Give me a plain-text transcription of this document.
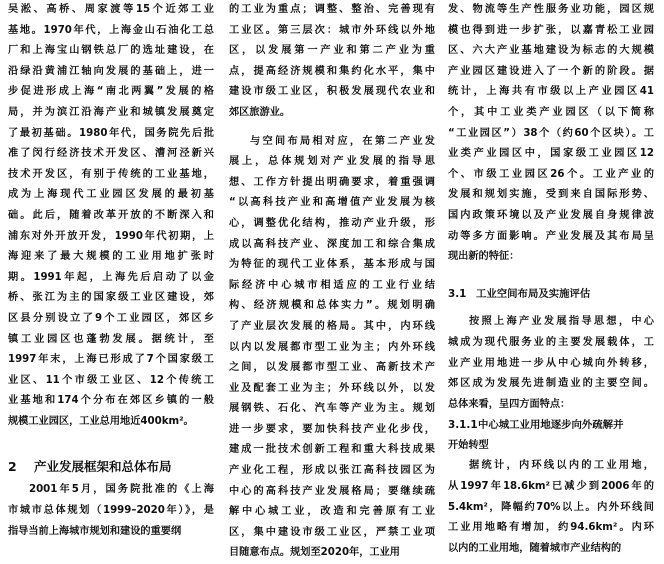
吴淞、高桥、周家渡等15个近郊工业
基地。1970年代，上海金山石油化工总
厂和上海宝山钢铁总厂的选址建设，在
沿绿沿黄浦江轴向发展的基础上，进一
步促进形成上海“南北两翼”发展的格
局，并为滨江沿海产业和城镇发展奠定
了最初基础。1980年代，国务院先后批
准了闵行经济技术开发区、漕河泾新兴
技术开发区，有别于传统的工业基地，
成为上海现代工业园区发展的最初基
础。此后，随着改革开放的不断深入和
浦东对外开放开发，1990年代初期，上
海迎来了最大规模的工业用地扩张时
期。1991年起，上海先后启动了以金
桥、张江为主的国家级工业区建设，郊
区县分别设立了9个工业园区，郊区乡
镇工业园区也蓬勃发展。据统计，至
1997年末，上海已形成了7个国家级工
业区、11个市级工业区、12个传统工
业基地和174个分布在郊区乡镇的一般
规模工业园区，工业总用地近400km²。
2 产业发展框架和总体布局
2001年5月，国务院批准的《上海
市城市总体规划（1999–2020年）》，是
指导当前上海城市规划和建设的重要纲
的工业为重点；调整、整治、完善现有
工业区。第三层次：城市外环线以外地
区，以发展第一产业和第二产业为重
点，提高经济规模和集约化水平，集中
建设市级工业区，积极发展现代农业和
郊区旅游业。
与空间布局相对应，在第二产业发
展上，总体规划对产业发展的指导思
想、工作方针提出明确要求，着重强调
“以高科技产业和高增值产业发展为核
心，调整优化结构，推动产业升级，形
成以高科技产业、深度加工和综合集成
为特征的现代工业体系，基本形成与国
际经济中心城市相适应的工业行业结
构、经济规模和总体实力”。规划明确
了产业层次发展的格局。其中，内环线
以内以发展都市型工业为主；内外环线
之间，以发展都市型工业、高新技术产
业及配套工业为主；外环线以外，以发
展钢铁、石化、汽车等产业为主。规划
进一步要求，要加快科技产业化步伐，
建成一批技术创新工程和重大科技成果
产业化工程，形成以张江高科技园区为
中心的高科技产业发展格局；要继续疏
解中心城工业，改造和完善原有工业
区，集中建设市级工业区，严禁工业项
目随意布点。规划至2020年，工业用
发、物流等生产性服务业功能，园区规
模也得到进一步扩张，以嘉青松工业园
区、六大产业基地建设为标志的大规模
产业园区建设进入了一个新的阶段。据
统计，上海共有市级以上产业园区41
个，其中工业类产业园区（以下简称
“工业园区”）38个（约60个区块）。工
业类产业园区中，国家级工业园区12
个、市级工业园区26个。工业产业的
发展和规划实施，受到来自国际形势、
国内政策环境以及产业发展自身规律波
动等多方面影响。产业发展及其布局呈
现出新的特征：
3.1 工业空间布局及实施评估
按照上海产业发展指导思想，中心
城成为现代服务业的主要发展载体，工
业产业用地进一步从中心城向外转移，
郊区成为发展先进制造业的主要空间。
总体来看，呈四方面特点：
3.1.1中心城工业用地逐步向外疏解并
开始转型
据统计，内环线以内的工业用地，
从1997年18.6km²已减少到2006年的
5.4km²，降幅约70%以上。内外环线间
工业用地略有增加，约94.6km²。内环
以内的工业用地，随着城市产业结构的
